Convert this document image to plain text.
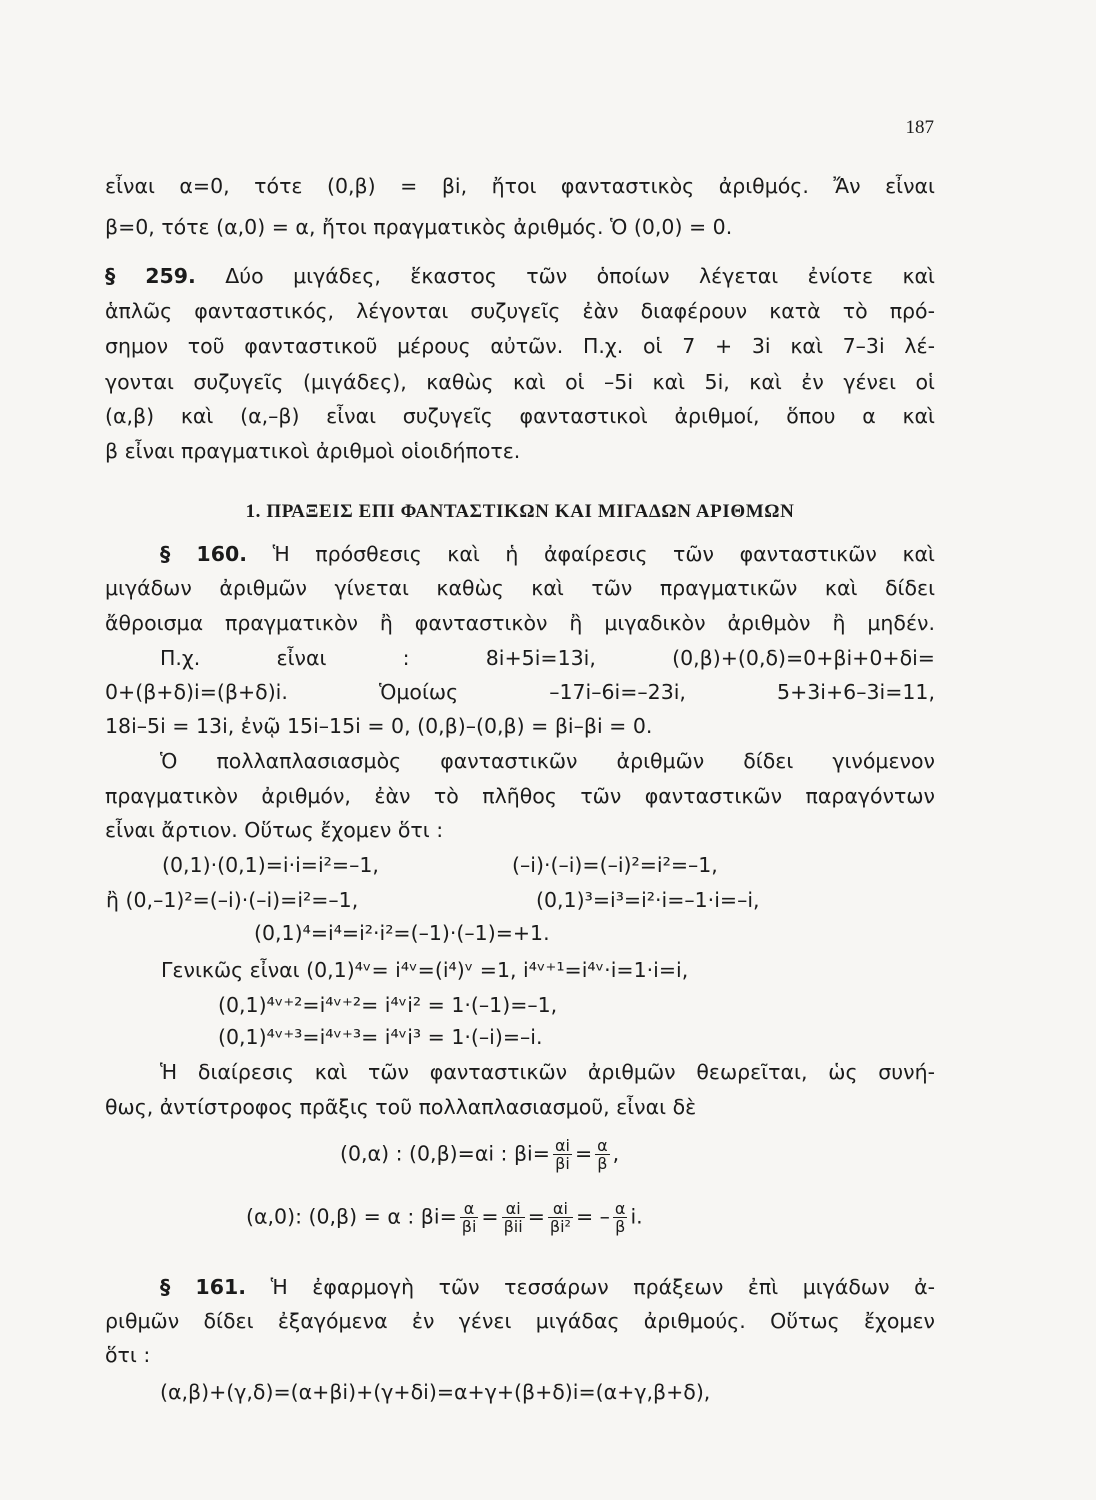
187
εἶναι α=0, τότε (0,β) = βi, ἤτοι φανταστικὸς ἀριθμός. Ἄν εἶναι
β=0, τότε (α,0) = α, ἤτοι πραγματικὸς ἀριθμός. Ὁ (0,0) = 0.
§ 259. Δύο μιγάδες, ἕκαστος τῶν ὁποίων λέγεται ἐνίοτε καὶ
ἁπλῶς φανταστικός, λέγονται συζυγεῖς ἐὰν διαφέρουν κατὰ τὸ πρό-
σημον τοῦ φανταστικοῦ μέρους αὐτῶν. Π.χ. οἱ 7 + 3i καὶ 7–3i λέ-
γονται συζυγεῖς (μιγάδες), καθὼς καὶ οἱ –5i καὶ 5i, καὶ ἐν γένει οἱ
(α,β) καὶ (α,–β) εἶναι συζυγεῖς φανταστικοὶ ἀριθμοί, ὅπου α καὶ
β εἶναι πραγματικοὶ ἀριθμοὶ οἱοιδήποτε.
1. ΠΡΑΞΕΙΣ ΕΠΙ ΦΑΝΤΑΣΤΙΚΩΝ ΚΑΙ ΜΙΓΑΔΩΝ ΑΡΙΘΜΩΝ
§ 160. Ἡ πρόσθεσις καὶ ἡ ἀφαίρεσις τῶν φανταστικῶν καὶ
μιγάδων ἀριθμῶν γίνεται καθὼς καὶ τῶν πραγματικῶν καὶ δίδει
ἄθροισμα πραγματικὸν ἢ φανταστικὸν ἢ μιγαδικὸν ἀριθμὸν ἢ μηδέν.
Π.χ. εἶναι : 8i+5i=13i, (0,β)+(0,δ)=0+βi+0+δi=
0+(β+δ)i=(β+δ)i. Ὁμοίως –17i–6i=–23i, 5+3i+6–3i=11,
18i–5i = 13i, ἐνῷ 15i–15i = 0, (0,β)–(0,β) = βi–βi = 0.
Ὁ πολλαπλασιασμὸς φανταστικῶν ἀριθμῶν δίδει γινόμενον
πραγματικὸν ἀριθμόν, ἐὰν τὸ πλῆθος τῶν φανταστικῶν παραγόντων
εἶναι ἄρτιον. Οὕτως ἔχομεν ὅτι :
(0,1)·(0,1)=i·i=i²=–1,	(–i)·(–i)=(–i)²=i²=–1,
ἢ (0,–1)²=(–i)·(–i)=i²=–1,	(0,1)³=i³=i²·i=–1·i=–i,
(0,1)⁴=i⁴=i²·i²=(–1)·(–1)=+1.
Γενικῶς εἶναι (0,1)⁴ᵛ= i⁴ᵛ=(i⁴)ᵛ =1, i⁴ᵛ⁺¹=i⁴ᵛ·i=1·i=i,
(0,1)⁴ᵛ⁺²=i⁴ᵛ⁺²= i⁴ᵛi² = 1·(–1)=–1,
(0,1)⁴ᵛ⁺³=i⁴ᵛ⁺³= i⁴ᵛi³ = 1·(–i)=–i.
Ἡ διαίρεσις καὶ τῶν φανταστικῶν ἀριθμῶν θεωρεῖται, ὡς συνή-
θως, ἀντίστροφος πρᾶξις τοῦ πολλαπλασιασμοῦ, εἶναι δὲ
(0,α) : (0,β)=αi : $\beta i= \frac{\alpha i}{\beta i} = \frac{\alpha}{\beta}$ ,
(α,0): (0,β) = α : $\beta i= \frac{\alpha}{\beta i} = \frac{\alpha i}{\text{βii}} = \frac{\alpha i}{\text{βi²}}$ = – $\frac{\alpha}{\beta} i$.
§ 161. Ἡ ἐφαρμογὴ τῶν τεσσάρων πράξεων ἐπὶ μιγάδων ἀ-
ριθμῶν δίδει ἐξαγόμενα ἐν γένει μιγάδας ἀριθμούς. Οὕτως ἔχομεν
ὅτι :
(α,β)+(γ,δ)=(α+βi)+(γ+δi)=α+γ+(β+δ)i=(α+γ,β+δ),
